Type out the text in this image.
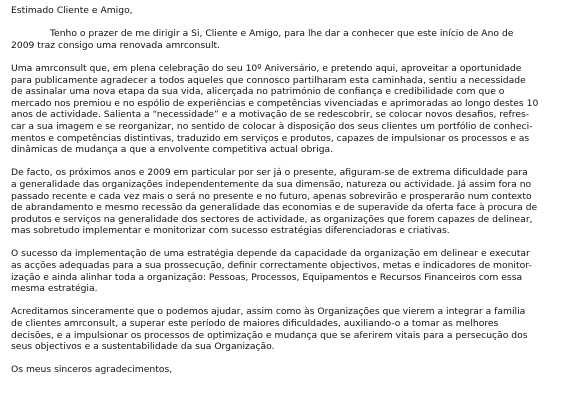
Estimado Cliente e Amigo,
Tenho o prazer de me dirigir a Si, Cliente e Amigo, para lhe dar a conhecer que este início de Ano de
2009 traz consigo uma renovada amrconsult.
Uma amrconsult que, em plena celebração do seu 10º Aniversário, e pretendo aqui, aproveitar a oportunidade
para publicamente agradecer a todos aqueles que connosco partilharam esta caminhada, sentiu a necessidade
de assinalar uma nova etapa da sua vida, alicerçada no património de confiança e credibilidade com que o
mercado nos premiou e no espólio de experiências e competências vivenciadas e aprimoradas ao longo destes 10
anos de actividade. Salienta a “necessidade” e a motivação de se redescobrir, se colocar novos desafios, refres-
car a sua imagem e se reorganizar, no sentido de colocar à disposição dos seus clientes um portfólio de conheci-
mentos e competências distintivas, traduzido em serviços e produtos, capazes de impulsionar os processos e as
dinâmicas de mudança a que a envolvente competitiva actual obriga.
De facto, os próximos anos e 2009 em particular por ser já o presente, afiguram-se de extrema dificuldade para
a generalidade das organizações independentemente da sua dimensão, natureza ou actividade. Já assim fora no
passado recente e cada vez mais o será no presente e no futuro, apenas sobrevirão e prosperarão num contexto
de abrandamento e mesmo recessão da generalidade das economias e de superavide da oferta face à procura de
produtos e serviços na generalidade dos sectores de actividade, as organizações que forem capazes de delinear,
mas sobretudo implementar e monitorizar com sucesso estratégias diferenciadoras e criativas.
O sucesso da implementação de uma estratégia depende da capacidade da organização em delinear e executar
as acções adequadas para a sua prossecução, definir correctamente objectivos, metas e indicadores de monitor-
ização e ainda alinhar toda a organização: Pessoas, Processos, Equipamentos e Recursos Financeiros com essa
mesma estratégia.
Acreditamos sinceramente que o podemos ajudar, assim como às Organizações que vierem a integrar a família
de clientes amrconsult, a superar este período de maiores dificuldades, auxiliando-o a tomar as melhores
decisões, e a impulsionar os processos de optimização e mudança que se aferirem vitais para a persecução dos
seus objectivos e a sustentabilidade da sua Organização.
Os meus sinceros agradecimentos,
